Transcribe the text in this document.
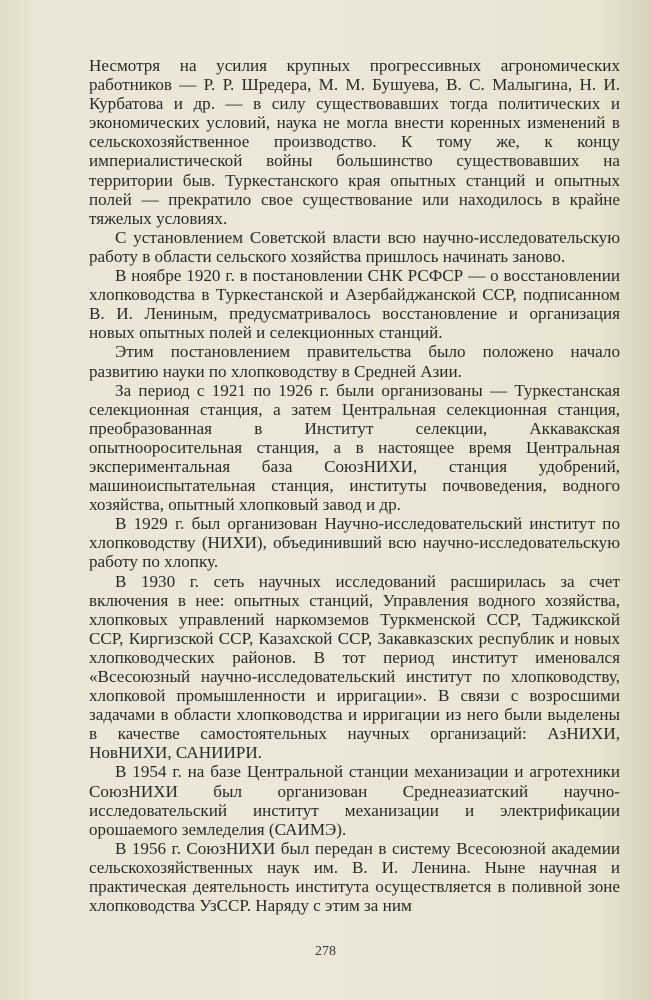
Несмотря на усилия крупных прогрессивных агрономических работников — Р. Р. Шредера, М. М. Бушуева, В. С. Малыгина, Н. И. Курбатова и др. — в силу существовавших тогда политических и экономических условий, наука не могла внести коренных изменений в сельскохозяйственное производство. К тому же, к концу империалистической войны большинство существовавших на территории быв. Туркестанского края опытных станций и опытных полей — прекратило свое существование или находилось в крайне тяжелых условиях.

С установлением Советской власти всю научно-исследовательскую работу в области сельского хозяйства пришлось начинать заново.

В ноябре 1920 г. в постановлении СНК РСФСР — о восстановлении хлопководства в Туркестанской и Азербайджанской ССР, подписанном В. И. Лениным, предусматривалось восстановление и организация новых опытных полей и селекционных станций.

Этим постановлением правительства было положено начало развитию науки по хлопководству в Средней Азии.

За период с 1921 по 1926 г. были организованы — Туркестанская селекционная станция, а затем Центральная селекционная станция, преобразованная в Институт селекции, Аккавакская опытнооросительная станция, а в настоящее время Центральная экспериментальная база СоюзНИХИ, станция удобрений, машиноиспытательная станция, институты почвоведения, водного хозяйства, опытный хлопковый завод и др.

В 1929 г. был организован Научно-исследовательский институт по хлопководству (НИХИ), объединивший всю научно-исследовательскую работу по хлопку.

В 1930 г. сеть научных исследований расширилась за счет включения в нее: опытных станций, Управления водного хозяйства, хлопковых управлений наркомземов Туркменской ССР, Таджикской ССР, Киргизской ССР, Казахской ССР, Закавказских республик и новых хлопководческих районов. В тот период институт именовался «Всесоюзный научно-исследовательский институт по хлопководству, хлопковой промышленности и ирригации». В связи с возросшими задачами в области хлопководства и ирригации из него были выделены в качестве самостоятельных научных организаций: АзНИХИ, НовНИХИ, САНИИРИ.

В 1954 г. на базе Центральной станции механизации и агротехники СоюзНИХИ был организован Среднеазиатский научно-исследовательский институт механизации и электрификации орошаемого земледелия (САИМЭ).

В 1956 г. СоюзНИХИ был передан в систему Всесоюзной академии сельскохозяйственных наук им. В. И. Ленина. Ныне научная и практическая деятельность института осуществляется в поливной зоне хлопководства УзССР. Наряду с этим за ним

278
